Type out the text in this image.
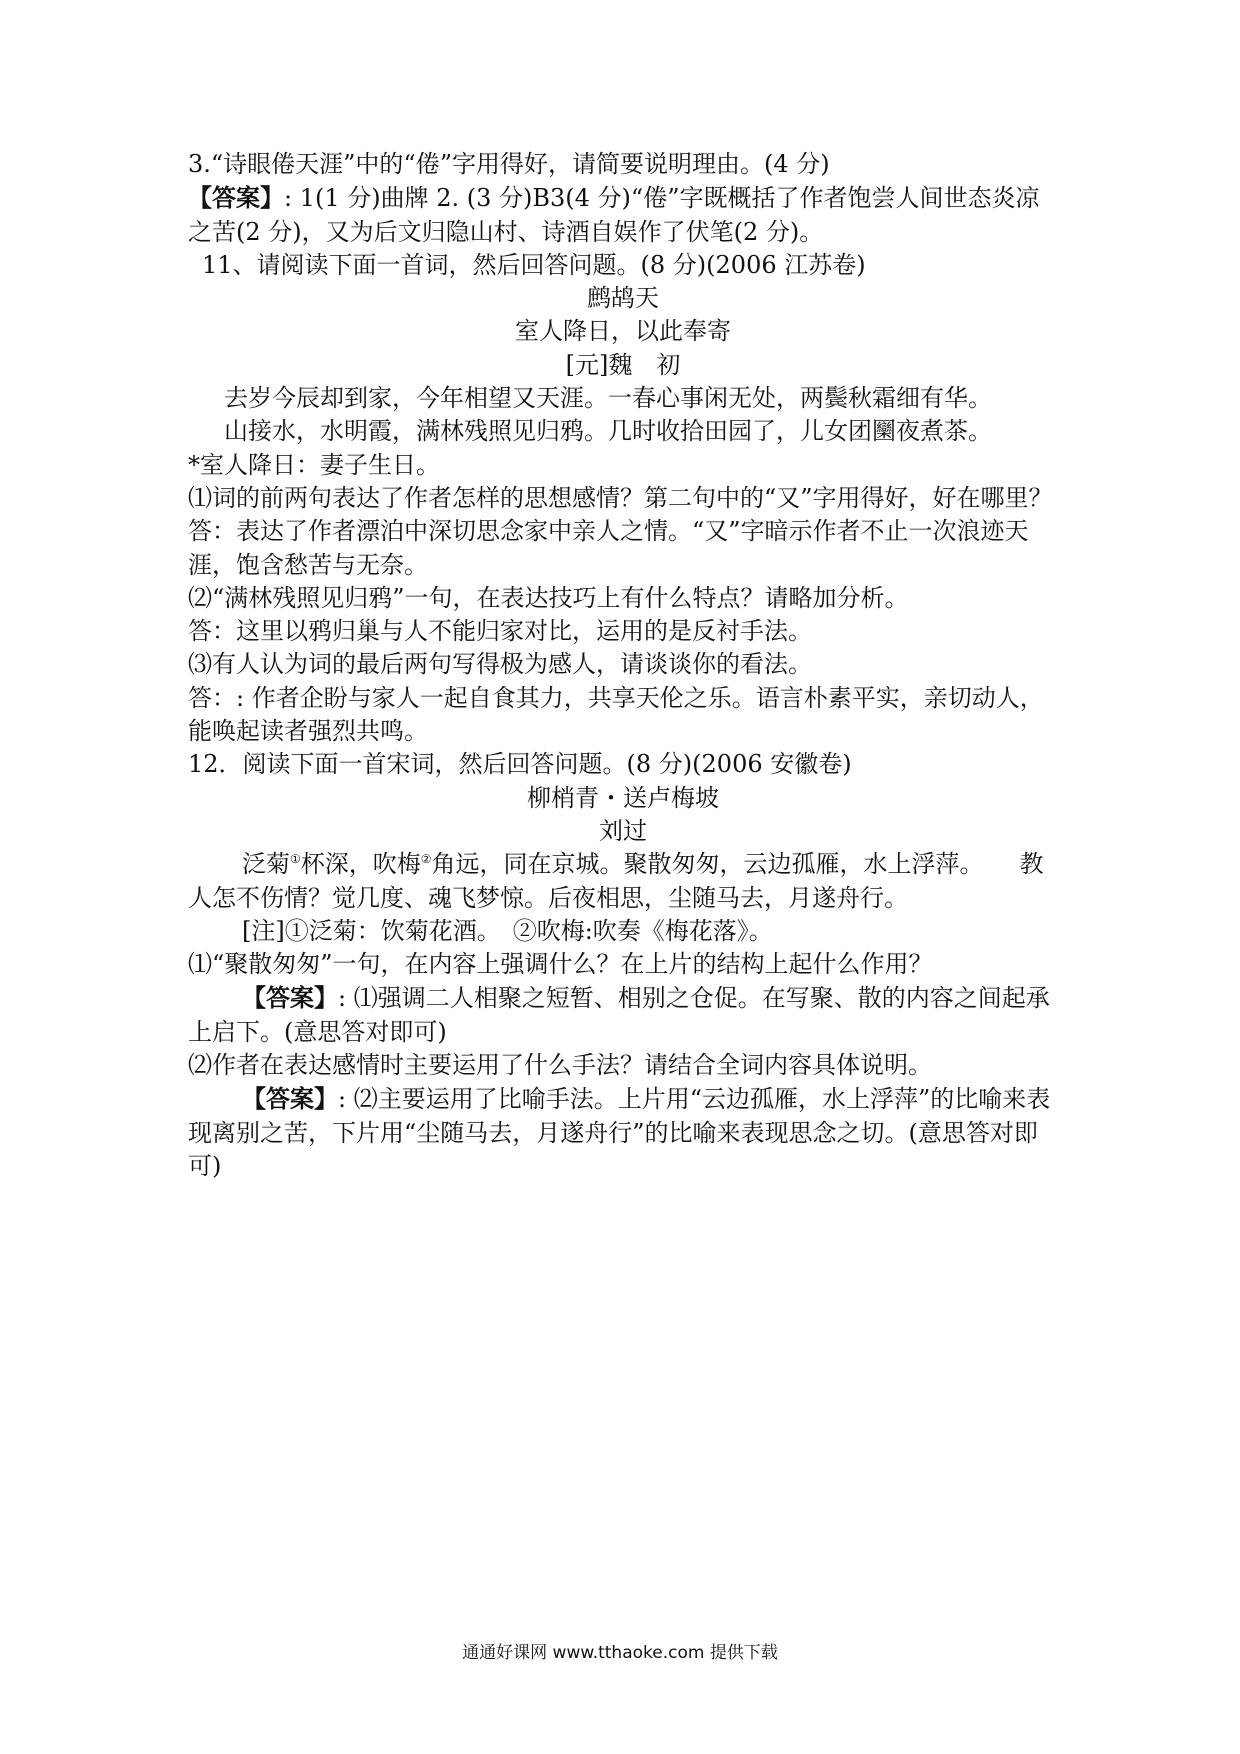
3.“诗眼倦天涯”中的“倦”字用得好，请简要说明理由。(4 分)

【答案】: 1(1 分)曲牌 2. (3 分)B3(4 分)“倦”字既概括了作者饱尝人间世态炎凉之苦(2 分)，又为后文归隐山村、诗酒自娱作了伏笔(2 分)。

11、请阅读下面一首词，然后回答问题。(8 分)(2006 江苏卷)

鹧鸪天

室人降日，以此奉寄

[元]魏　初

去岁今辰却到家，今年相望又天涯。一春心事闲无处，两鬓秋霜细有华。

山接水，水明霞，满林残照见归鸦。几时收拾田园了，儿女团圞夜煮茶。

*室人降日：妻子生日。

⑴词的前两句表达了作者怎样的思想感情？第二句中的“又”字用得好，好在哪里？

答：表达了作者漂泊中深切思念家中亲人之情。“又”字暗示作者不止一次浪迹天涯，饱含愁苦与无奈。

⑵“满林残照见归鸦”一句，在表达技巧上有什么特点？请略加分析。

答：这里以鸦归巢与人不能归家对比，运用的是反衬手法。

⑶有人认为词的最后两句写得极为感人，请谈谈你的看法。

答：: 作者企盼与家人一起自食其力，共享天伦之乐。语言朴素平实，亲切动人，能唤起读者强烈共鸣。

12．阅读下面一首宋词，然后回答问题。(8 分)(2006 安徽卷)

柳梢青・送卢梅坡

刘过

泛菊①杯深，吹梅②角远，同在京城。聚散匆匆，云边孤雁，水上浮萍。　　教人怎不伤情？觉几度、魂飞梦惊。后夜相思，尘随马去，月遂舟行。

[注]①泛菊：饮菊花酒。　②吹梅:吹奏《梅花落》。

⑴“聚散匆匆”一句，在内容上强调什么？在上片的结构上起什么作用？

【答案】: ⑴强调二人相聚之短暂、相别之仓促。在写聚、散的内容之间起承上启下。(意思答对即可)

⑵作者在表达感情时主要运用了什么手法？请结合全词内容具体说明。

【答案】: ⑵主要运用了比喻手法。上片用“云边孤雁，水上浮萍”的比喻来表现离别之苦，下片用“尘随马去，月遂舟行”的比喻来表现思念之切。(意思答对即可)

通通好课网 www.tthaoke.com 提供下载
